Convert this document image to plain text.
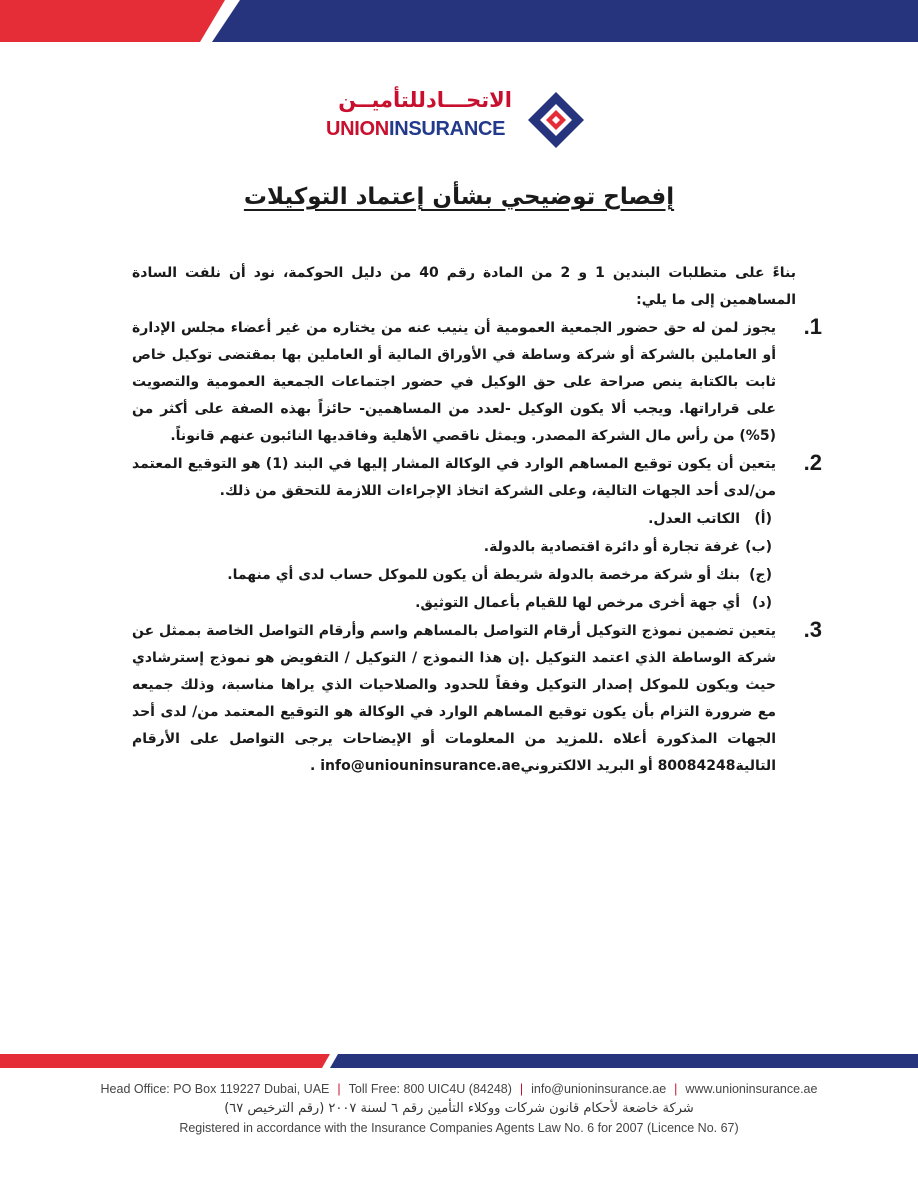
الاتحـــادللتأميــن
UNIONINSURANCE
إفصاح توضيحي بشأن إعتماد التوكيلات

بناءً على متطلبات البندين 1 و 2 من المادة رقم 40 من دليل الحوكمة، نود أن نلفت السادة المساهمين إلى ما يلي:

1.

يجوز لمن له حق حضور الجمعية العمومية أن ينيب عنه من يختاره من غير أعضاء مجلس الإدارة أو العاملين بالشركة أو شركة وساطة في الأوراق المالية أو العاملين بها بمقتضى توكيل خاص ثابت بالكتابة ينص صراحة على حق الوكيل في حضور اجتماعات الجمعية العمومية والتصويت على قراراتها. ويجب ألا يكون الوكيل -لعدد من المساهمين- حائزاً بهذه الصفة على أكثر من (5%) من رأس مال الشركة المصدر. ويمثل ناقصي الأهلية وفاقديها النائبون عنهم قانوناً.

2.

يتعين أن يكون توقيع المساهم الوارد في الوكالة المشار إليها في البند (1) هو التوقيع المعتمد من/لدى أحد الجهات التالية، وعلى الشركة اتخاذ الإجراءات اللازمة للتحقق من ذلك.

(أ)

الكاتب العدل.

(ب)

غرفة تجارة أو دائرة اقتصادية بالدولة.

(ج)

بنك أو شركة مرخصة بالدولة شريطة أن يكون للموكل حساب لدى أي منهما.

(د)

أي جهة أخرى مرخص لها للقيام بأعمال التوثيق.

3.

يتعين تضمين نموذج التوكيل أرقام التواصل بالمساهم واسم وأرقام التواصل الخاصة بممثل عن شركة الوساطة الذي اعتمد التوكيل .إن هذا النموذج / التوكيل / التفويض هو نموذج إسترشادي حيث ويكون للموكل إصدار التوكيل وفقاً للحدود والصلاحيات الذي يراها مناسبة، وذلك جميعه مع ضرورة التزام بأن يكون توقيع المساهم الوارد في الوكالة هو التوقيع المعتمد من/ لدى أحد الجهات المذكورة أعلاه .للمزيد من المعلومات أو الإيضاحات يرجى التواصل على الأرقام التالية80084248 أو البريد الالكترونيinfo@uniouninsurance.ae .

Head Office: PO Box 119227 Dubai, UAE | Toll Free: 800 UIC4U (84248) | info@unioninsurance.ae | www.unioninsurance.ae
شركة خاضعة لأحكام قانون شركات ووكلاء التأمين رقم ٦ لسنة ٢٠٠٧ (رقم الترخيص ٦٧)
Registered in accordance with the Insurance Companies Agents Law No. 6 for 2007 (Licence No. 67)
